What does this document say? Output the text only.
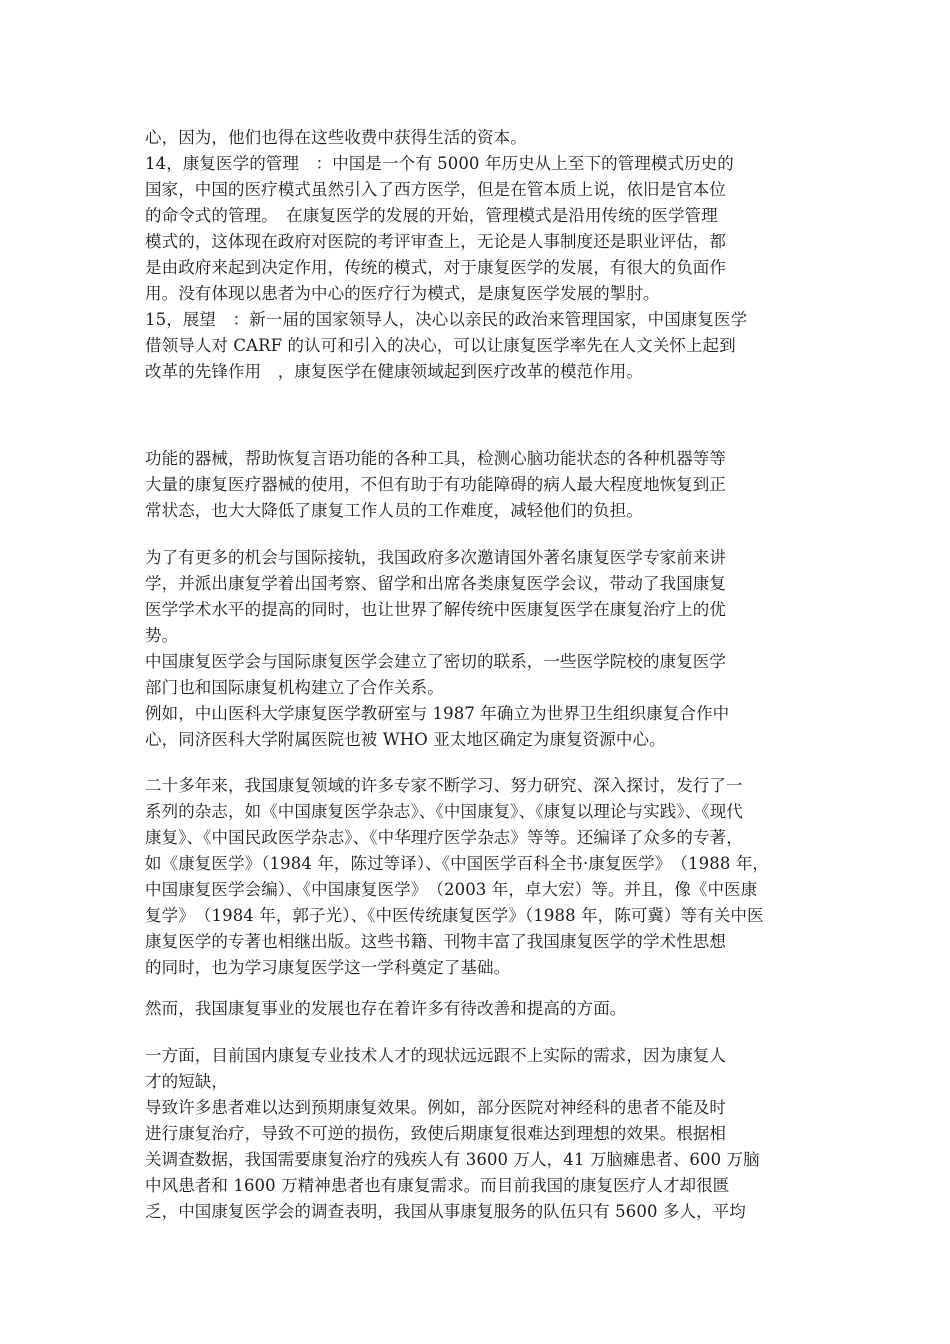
心，因为，他们也得在这些收费中获得生活的资本。
14，康复医学的管理　：中国是一个有 5000 年历史从上至下的管理模式历史的
国家，中国的医疗模式虽然引入了西方医学，但是在管本质上说，依旧是官本位
的命令式的管理。　在康复医学的发展的开始，管理模式是沿用传统的医学管理
模式的，这体现在政府对医院的考评审查上，无论是人事制度还是职业评估，都
是由政府来起到决定作用，传统的模式，对于康复医学的发展，有很大的负面作
用。没有体现以患者为中心的医疗行为模式，是康复医学发展的掣肘。
15，展望　：新一届的国家领导人，决心以亲民的政治来管理国家，中国康复医学
借领导人对 CARF 的认可和引入的决心，可以让康复医学率先在人文关怀上起到
改革的先锋作用　，康复医学在健康领域起到医疗改革的模范作用。
功能的器械，帮助恢复言语功能的各种工具，检测心脑功能状态的各种机器等等
大量的康复医疗器械的使用，不但有助于有功能障碍的病人最大程度地恢复到正
常状态，也大大降低了康复工作人员的工作难度，减轻他们的负担。
为了有更多的机会与国际接轨，我国政府多次邀请国外著名康复医学专家前来讲
学，并派出康复学着出国考察、留学和出席各类康复医学会议，带动了我国康复
医学学术水平的提高的同时，也让世界了解传统中医康复医学在康复治疗上的优
势。
中国康复医学会与国际康复医学会建立了密切的联系，一些医学院校的康复医学
部门也和国际康复机构建立了合作关系。
例如，中山医科大学康复医学教研室与 1987 年确立为世界卫生组织康复合作中
心，同济医科大学附属医院也被 WHO 亚太地区确定为康复资源中心。
二十多年来，我国康复领域的许多专家不断学习、努力研究、深入探讨，发行了一
系列的杂志，如《中国康复医学杂志》、《中国康复》、《康复以理论与实践》、《现代
康复》、《中国民政医学杂志》、《中华理疗医学杂志》等等。还编译了众多的专著，
如《康复医学》（1984 年，陈过等译）、《中国医学百科全书·康复医学》　（1988 年，
中国康复医学会编）、《中国康复医学》　（2003 年，卓大宏）等。并且，像《中医康
复学》　（1984 年，郭子光）、《中医传统康复医学》（1988 年，陈可冀）等有关中医
康复医学的专著也相继出版。这些书籍、刊物丰富了我国康复医学的学术性思想
的同时，也为学习康复医学这一学科奠定了基础。
然而，我国康复事业的发展也存在着许多有待改善和提高的方面。
一方面，目前国内康复专业技术人才的现状远远跟不上实际的需求，因为康复人
才的短缺，
导致许多患者难以达到预期康复效果。例如，部分医院对神经科的患者不能及时
进行康复治疗，导致不可逆的损伤，致使后期康复很难达到理想的效果。根据相
关调查数据，我国需要康复治疗的残疾人有 3600 万人，41 万脑瘫患者、600 万脑
中风患者和 1600 万精神患者也有康复需求。而目前我国的康复医疗人才却很匮
乏，中国康复医学会的调查表明，我国从事康复服务的队伍只有 5600 多人，平均
